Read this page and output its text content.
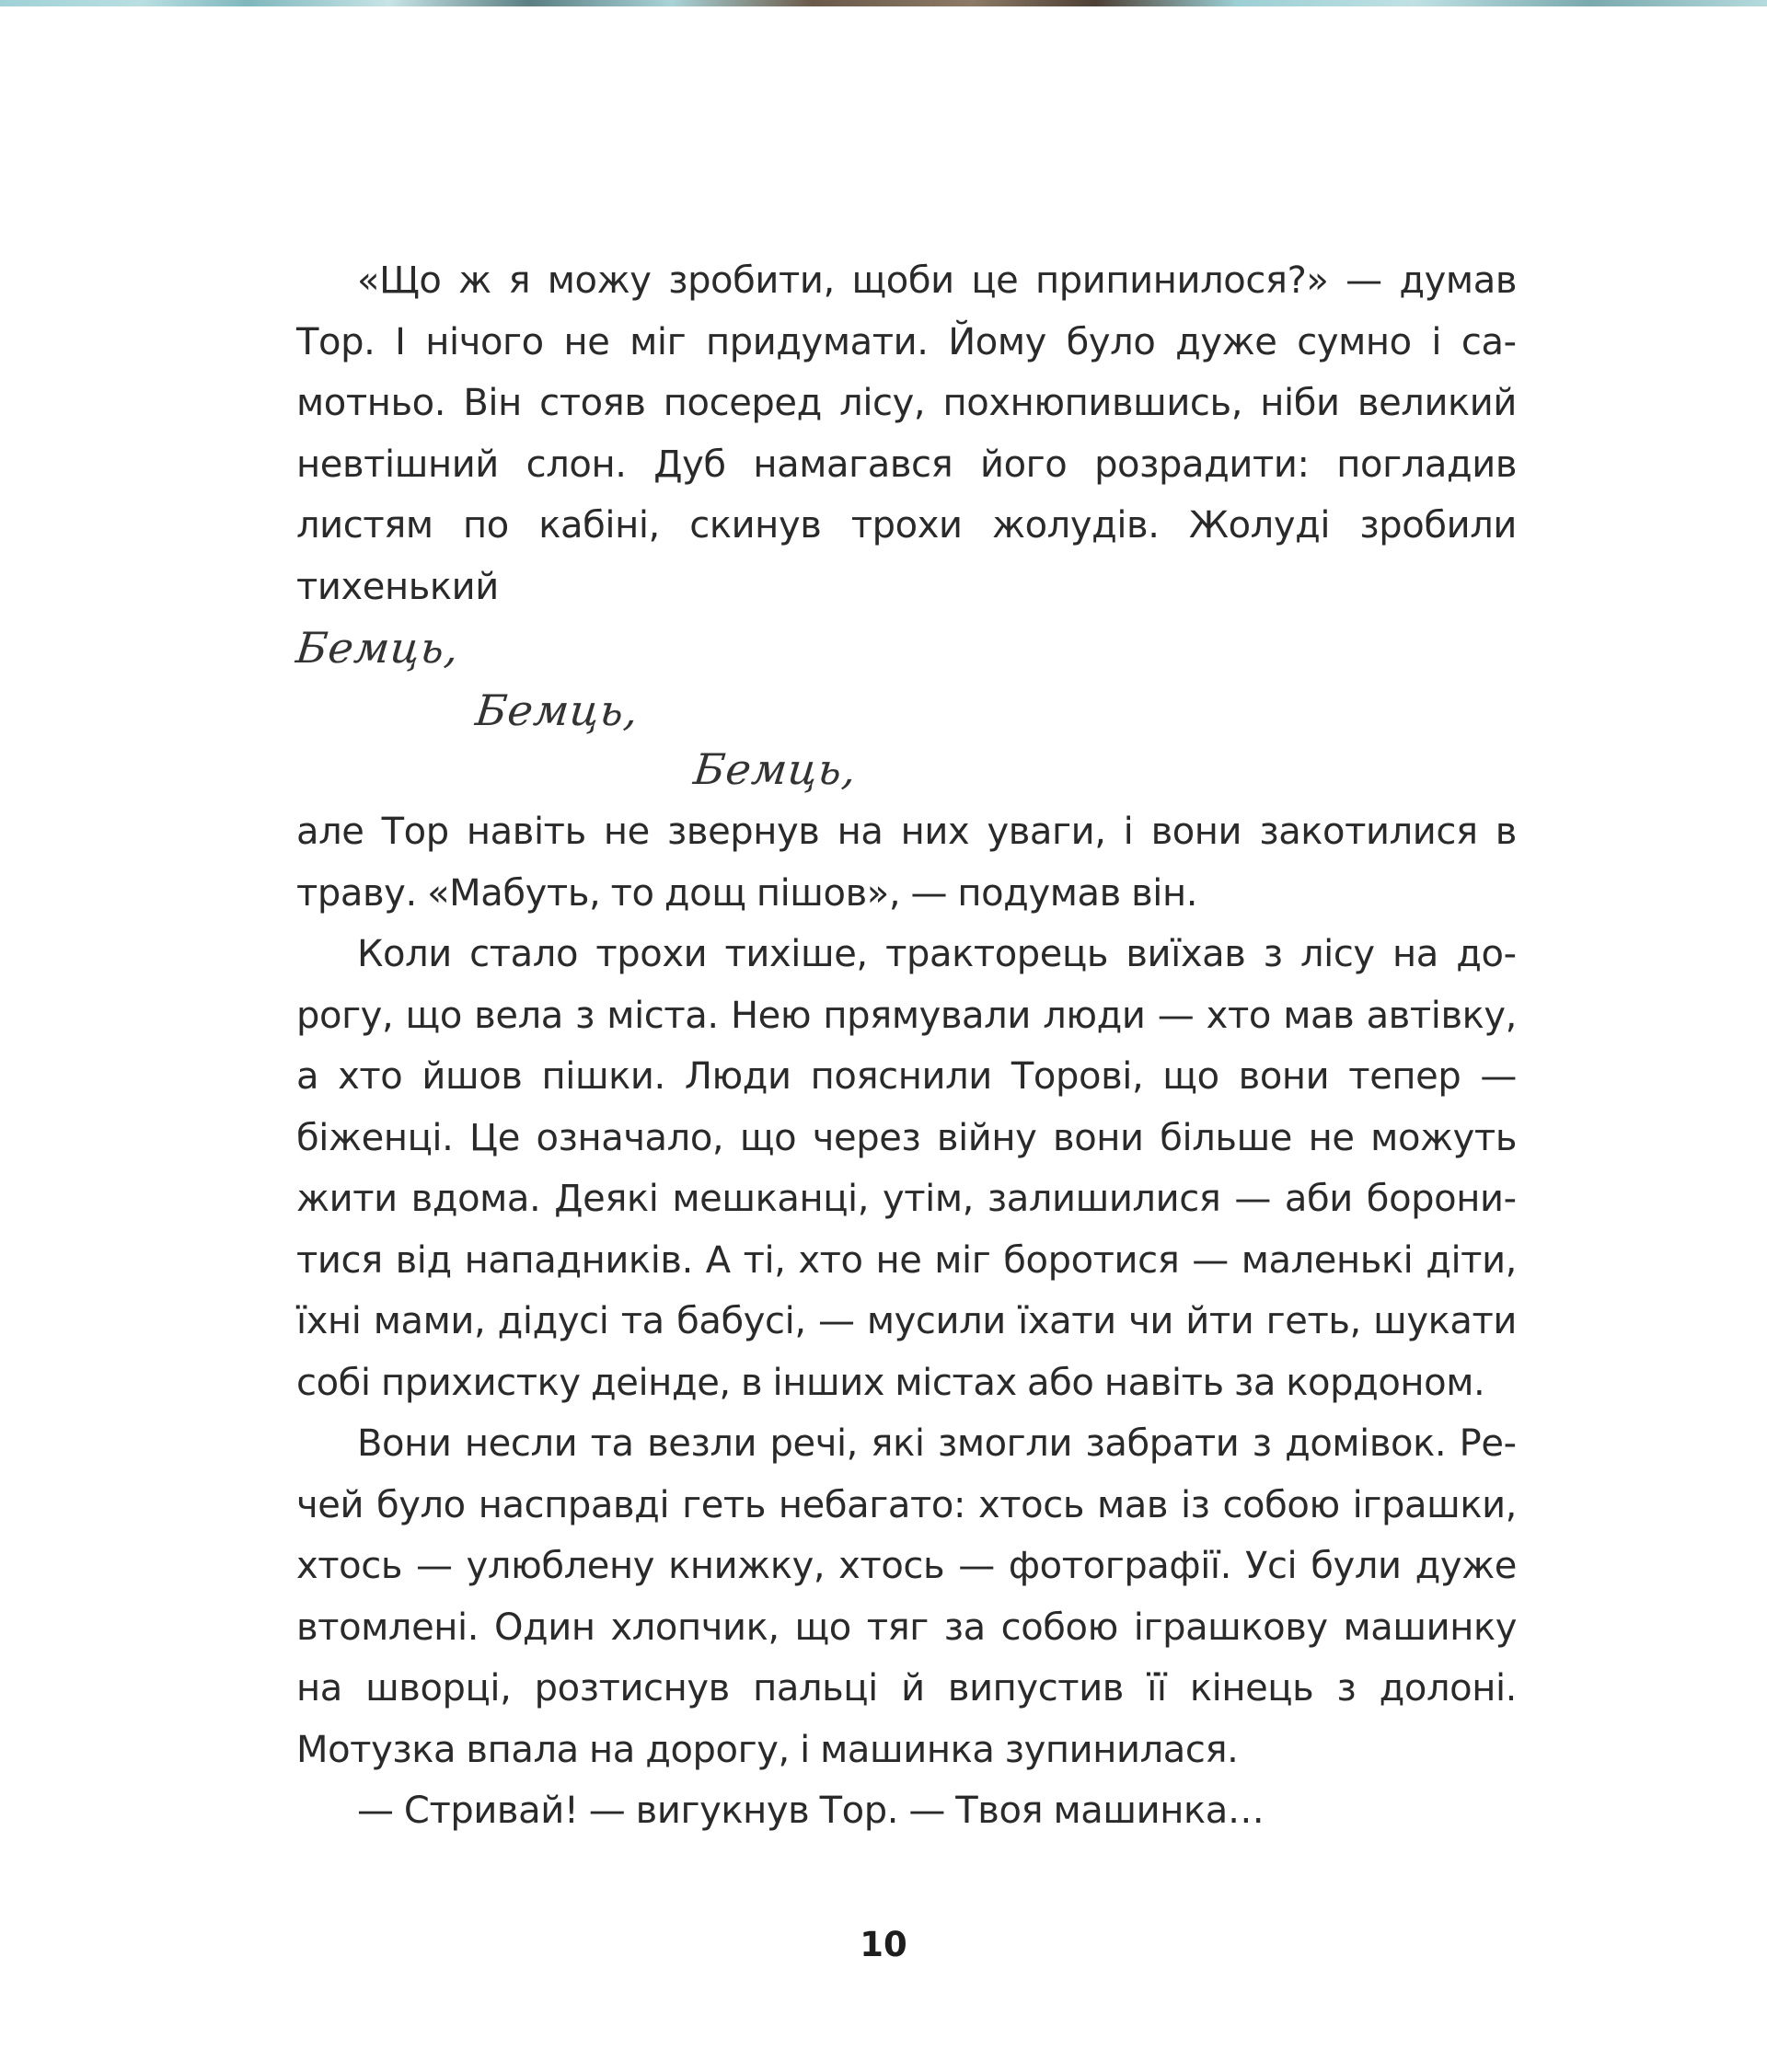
«Що ж я можу зробити, щоби це припинилося?» — думав Тор. І нічого не міг придумати. Йому було дуже сумно і самотньо. Він стояв посеред лісу, похнюпившись, ніби великий невтішний слон. Дуб намагався його розрадити: погладив листям по кабіні, скинув трохи жолудів. Жолуді зробили тихенький

Бемць,
Бемць,
Бемць,

але Тор навіть не звернув на них уваги, і вони закотилися в траву. «Мабуть, то дощ пішов», — подумав він.

Коли стало трохи тихіше, тракторець виїхав з лісу на дорогу, що вела з міста. Нею прямували люди — хто мав автівку, а хто йшов пішки. Люди пояснили Торові, що вони тепер — біженці. Це означало, що через війну вони більше не можуть жити вдома. Деякі мешканці, утім, залишилися — аби боронитися від нападників. А ті, хто не міг боротися — маленькі діти, їхні мами, дідусі та бабусі, — мусили їхати чи йти геть, шукати собі прихистку деінде, в інших містах або навіть за кордоном.

Вони несли та везли речі, які змогли забрати з домівок. Речей було насправді геть небагато: хтось мав із собою іграшки, хтось — улюблену книжку, хтось — фотографії. Усі були дуже втомлені. Один хлопчик, що тяг за собою іграшкову машинку на шворці, розтиснув пальці й випустив її кінець з долоні. Мотузка впала на дорогу, і машинка зупинилася.

— Стривай! — вигукнув Тор. — Твоя машинка…

10
